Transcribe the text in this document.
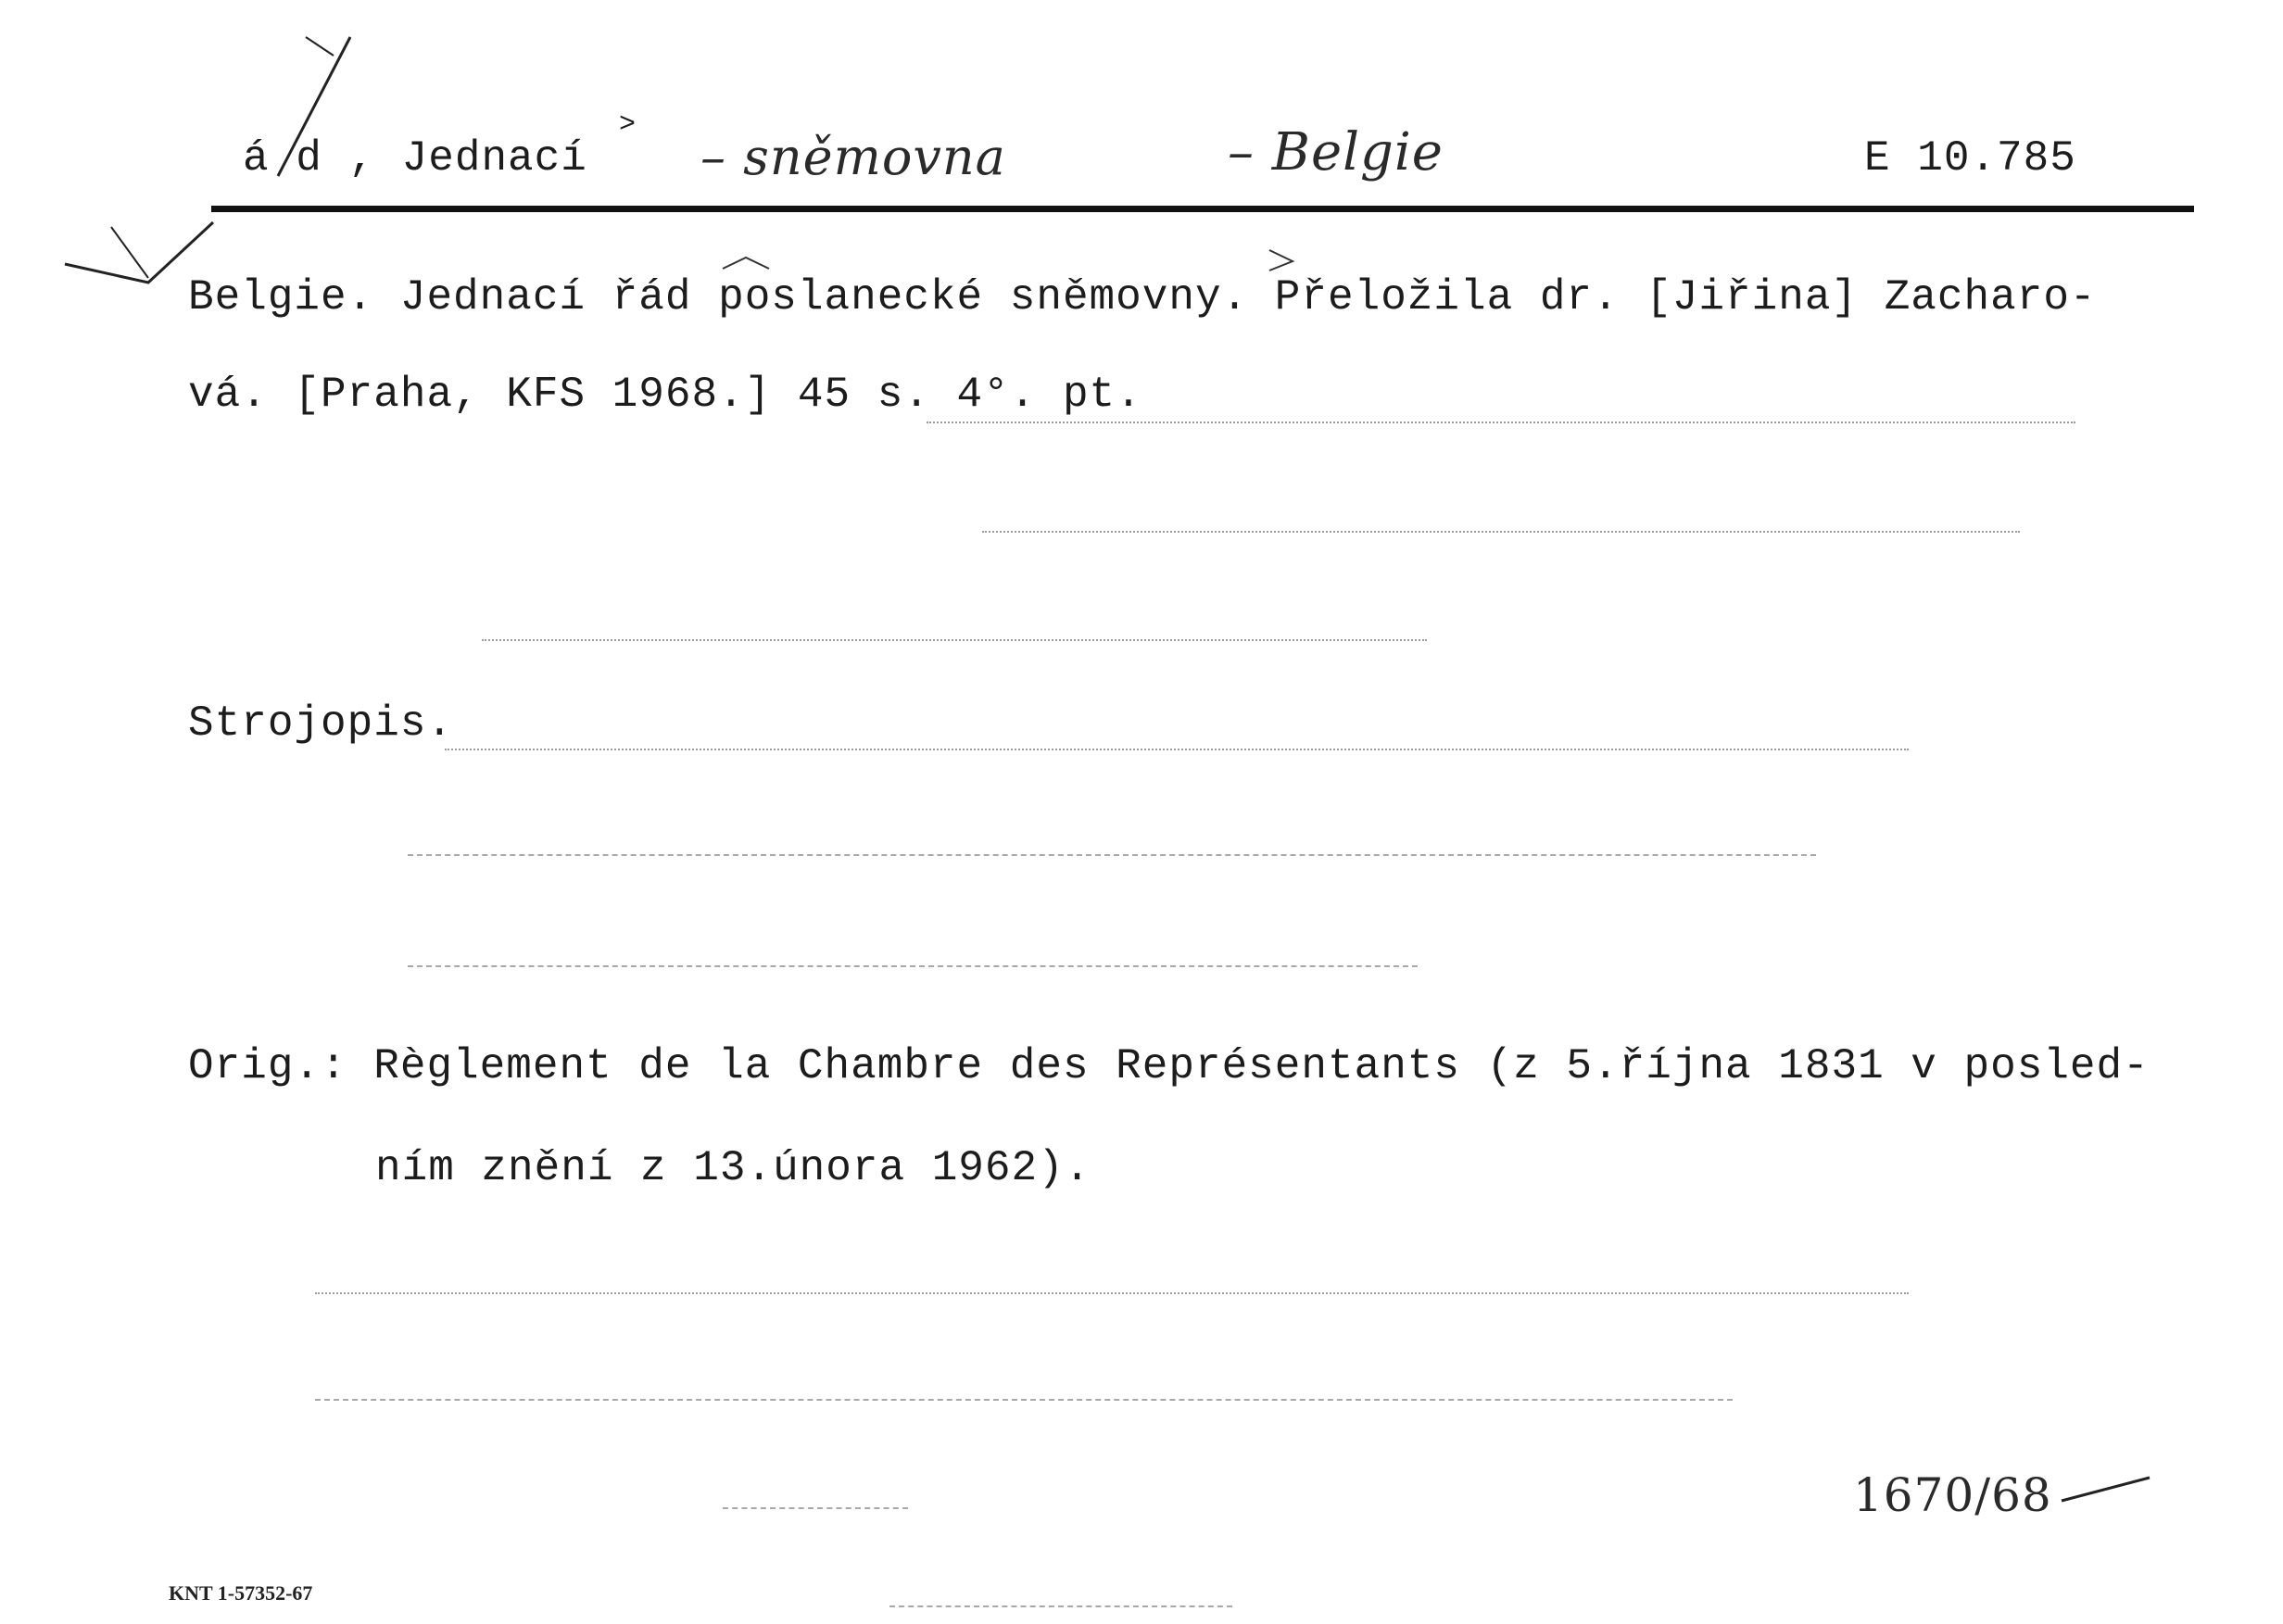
á d , Jednací
>
– sněmovna	– Belgie	E 10.785
Belgie. Jednací řád poslanecké sněmovny. Přeložila dr. [Jiřina] Zacharo-
vá. [Praha, KFS 1968.] 45 s. 4°. pt.
Strojopis.
Orig.: Règlement de la Chambre des Représentants (z 5.října 1831 v posled-
ním znění z 13.února 1962).
1670/68
KNT 1-57352-67
